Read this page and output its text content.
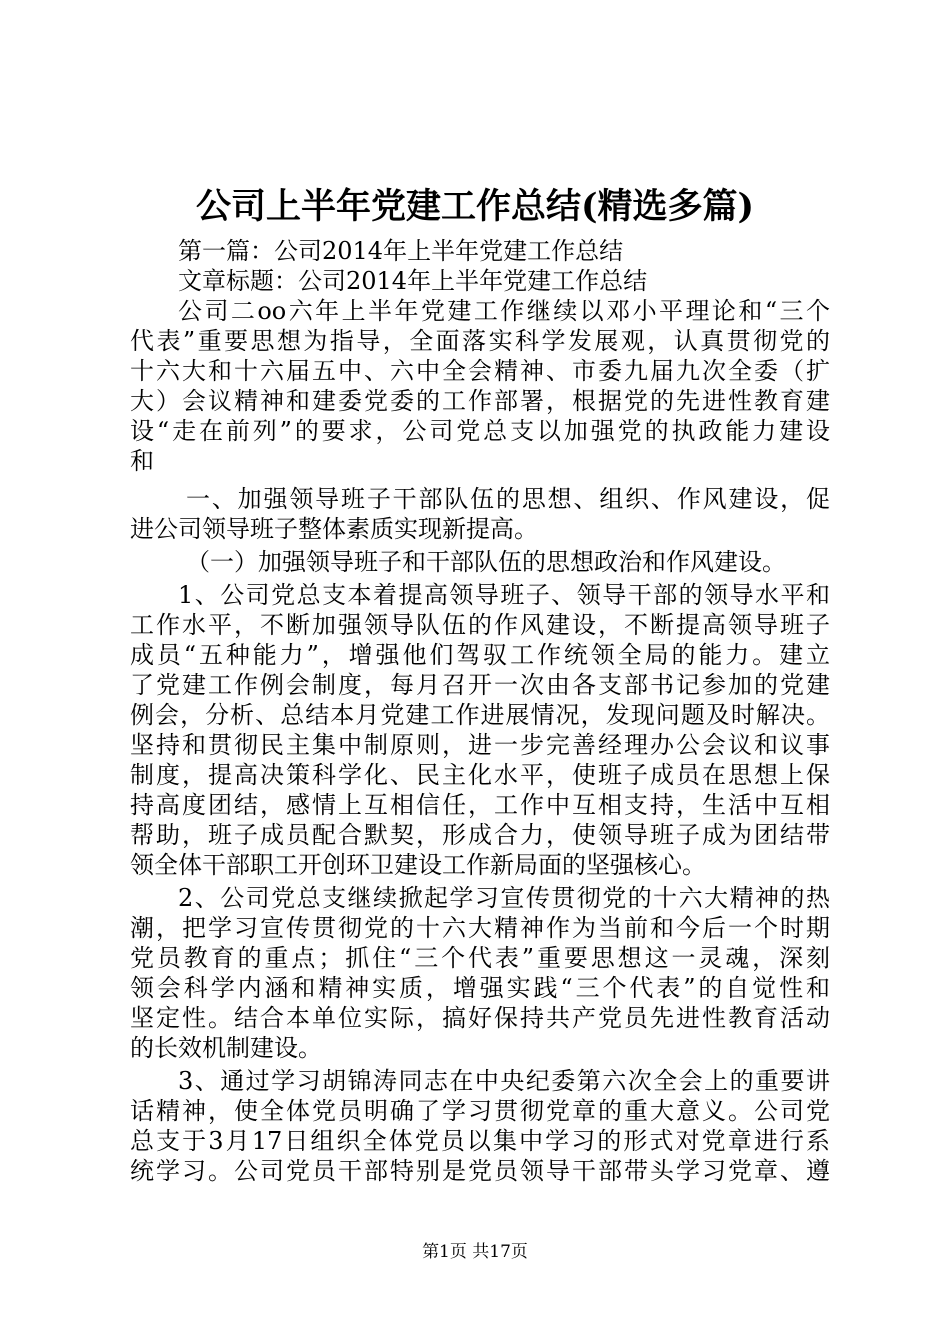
公司上半年党建工作总结(精选多篇)
第一篇：公司2014年上半年党建工作总结
文章标题：公司2014年上半年党建工作总结
公司二oo六年上半年党建工作继续以邓小平理论和“三个
代表”重要思想为指导，全面落实科学发展观，认真贯彻党的
十六大和十六届五中、六中全会精神、市委九届九次全委（扩
大）会议精神和建委党委的工作部署，根据党的先进性教育建
设“走在前列”的要求，公司党总支以加强党的执政能力建设
和
一、加强领导班子干部队伍的思想、组织、作风建设，促
进公司领导班子整体素质实现新提高。
（一）加强领导班子和干部队伍的思想政治和作风建设。
1、公司党总支本着提高领导班子、领导干部的领导水平和
工作水平，不断加强领导队伍的作风建设，不断提高领导班子
成员“五种能力”，增强他们驾驭工作统领全局的能力。建立
了党建工作例会制度，每月召开一次由各支部书记参加的党建
例会，分析、总结本月党建工作进展情况，发现问题及时解决。
坚持和贯彻民主集中制原则，进一步完善经理办公会议和议事
制度，提高决策科学化、民主化水平，使班子成员在思想上保
持高度团结，感情上互相信任，工作中互相支持，生活中互相
帮助，班子成员配合默契，形成合力，使领导班子成为团结带
领全体干部职工开创环卫建设工作新局面的坚强核心。
2、公司党总支继续掀起学习宣传贯彻党的十六大精神的热
潮，把学习宣传贯彻党的十六大精神作为当前和今后一个时期
党员教育的重点；抓住“三个代表”重要思想这一灵魂，深刻
领会科学内涵和精神实质，增强实践“三个代表”的自觉性和
坚定性。结合本单位实际，搞好保持共产党员先进性教育活动
的长效机制建设。
3、通过学习胡锦涛同志在中央纪委第六次全会上的重要讲
话精神，使全体党员明确了学习贯彻党章的重大意义。公司党
总支于3月17日组织全体党员以集中学习的形式对党章进行系
统学习。公司党员干部特别是党员领导干部带头学习党章、遵
第1页 共17页
